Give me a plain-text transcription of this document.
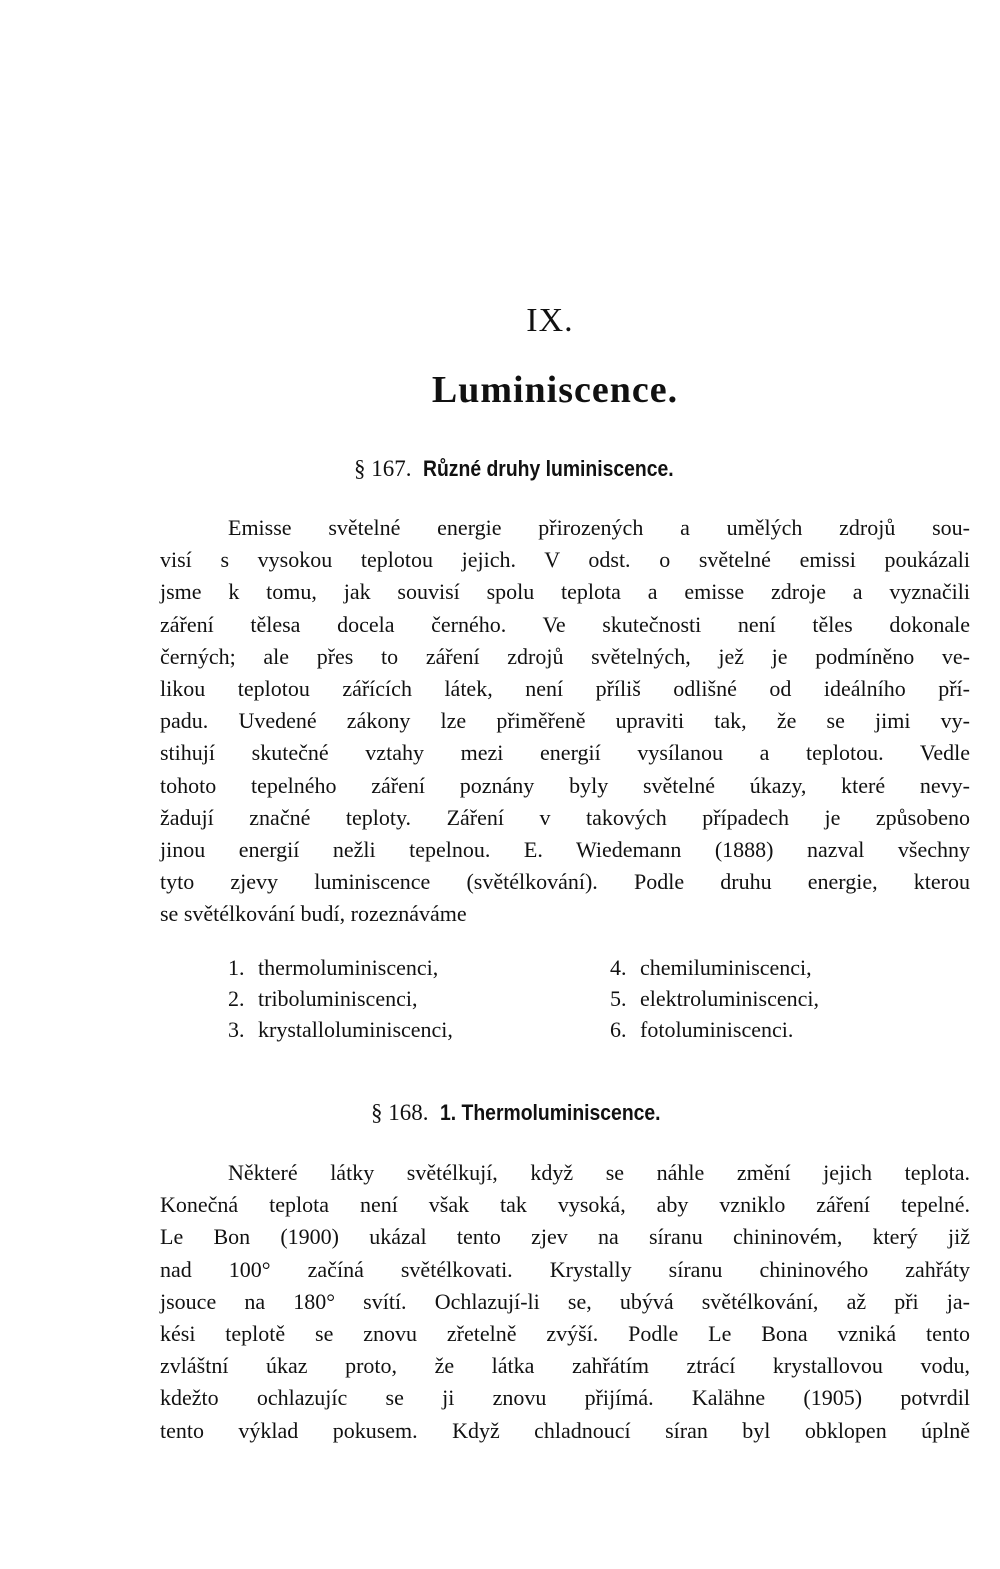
IX.
Luminiscence.
§ 167. Různé druhy luminiscence.
Emisse světelné energie přirozených a umělých zdrojů sou-
visí s vysokou teplotou jejich. V odst. o světelné emissi poukázali
jsme k tomu, jak souvisí spolu teplota a emisse zdroje a vyznačili
záření tělesa docela černého. Ve skutečnosti není těles dokonale
černých; ale přes to záření zdrojů světelných, jež je podmíněno ve-
likou teplotou zářících látek, není příliš odlišné od ideálního pří-
padu. Uvedené zákony lze přiměřeně upraviti tak, že se jimi vy-
stihují skutečné vztahy mezi energií vysílanou a teplotou. Vedle
tohoto tepelného záření poznány byly světelné úkazy, které nevy-
žadují značné teploty. Záření v takových případech je způsobeno
jinou energií nežli tepelnou. E. Wiedemann (1888) nazval všechny
tyto zjevy luminiscence (světélkování). Podle druhu energie, kterou
se světélkování budí, rozeznáváme
1. thermoluminiscenci,
2. triboluminiscenci,
3. krystalloluminiscenci,
4. chemiluminiscenci,
5. elektroluminiscenci,
6. fotoluminiscenci.
§ 168. 1. Thermoluminiscence.
Některé látky světélkují, když se náhle změní jejich teplota.
Konečná teplota není však tak vysoká, aby vzniklo záření tepelné.
Le Bon (1900) ukázal tento zjev na síranu chininovém, který již
nad 100° začíná světélkovati. Krystally síranu chininového zahřáty
jsouce na 180° svítí. Ochlazují-li se, ubývá světélkování, až při ja-
kési teplotě se znovu zřetelně zvýší. Podle Le Bona vzniká tento
zvláštní úkaz proto, že látka zahřátím ztrácí krystallovou vodu,
kdežto ochlazujíc se ji znovu přijímá. Kalähne (1905) potvrdil
tento výklad pokusem. Když chladnoucí síran byl obklopen úplně
